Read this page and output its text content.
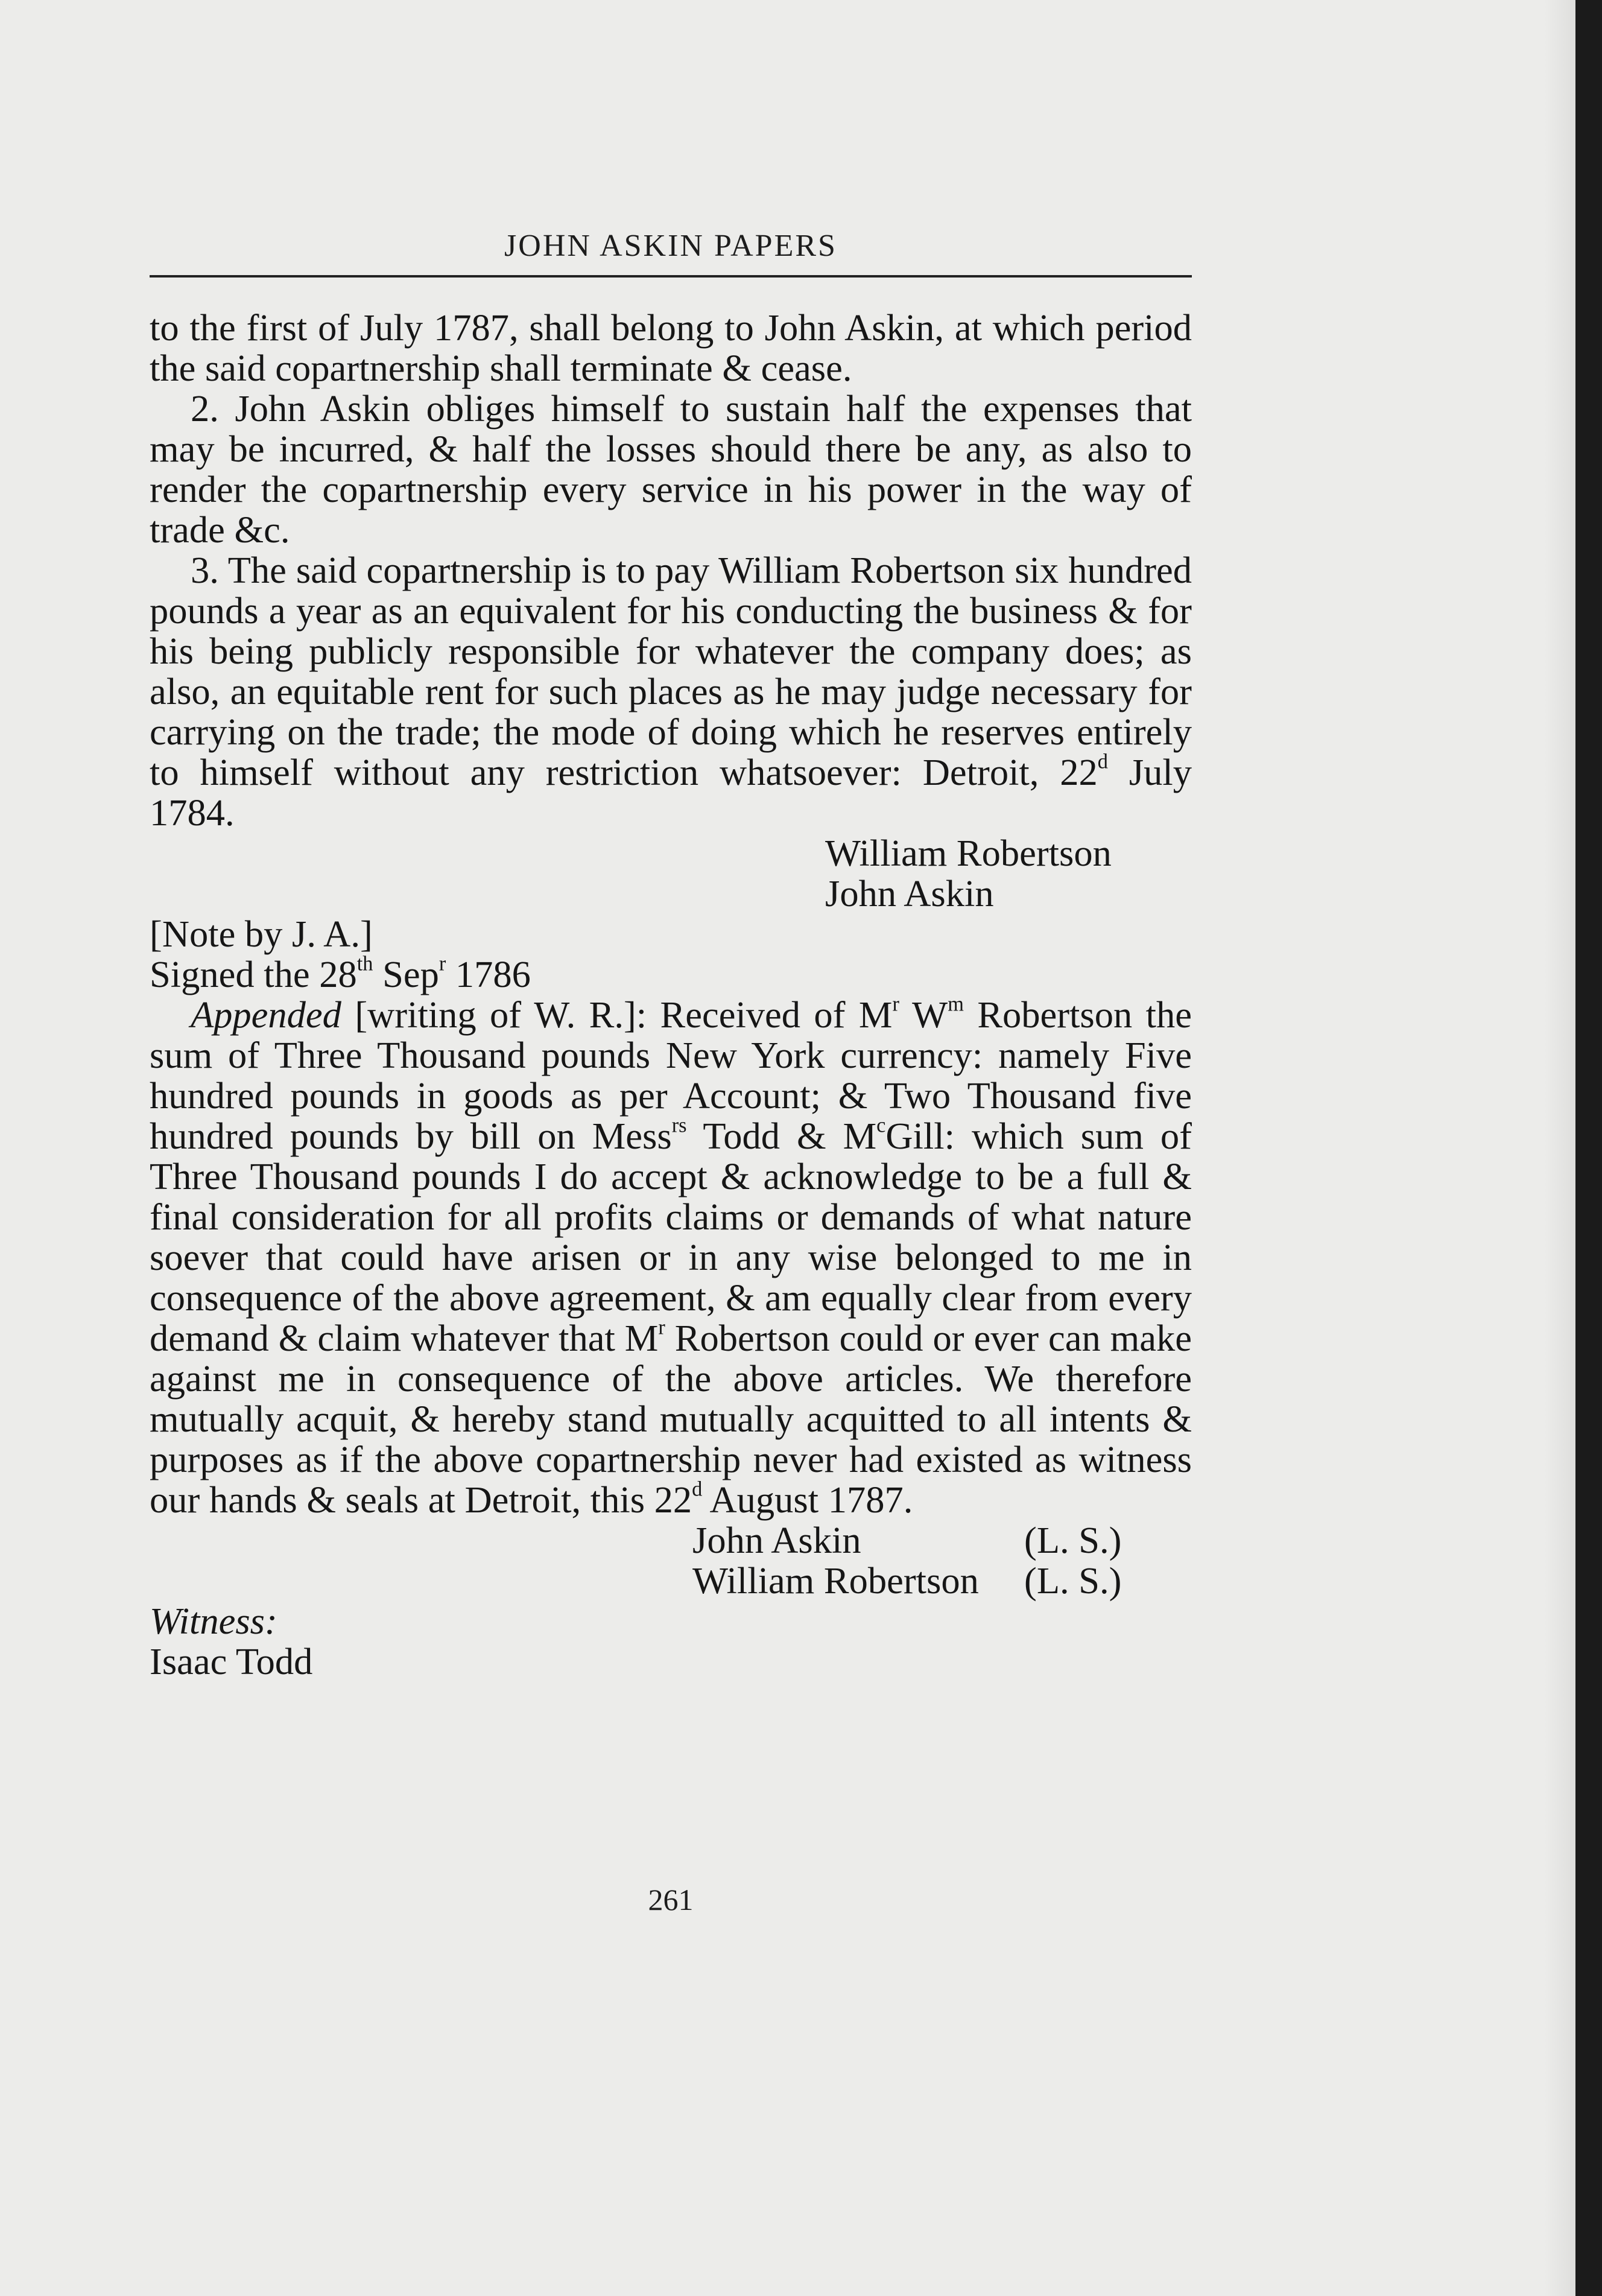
JOHN ASKIN PAPERS

to the first of July 1787, shall belong to John Askin, at which period the said copartnership shall terminate & cease.

2. John Askin obliges himself to sustain half the expenses that may be incurred, & half the losses should there be any, as also to render the copartnership every service in his power in the way of trade &c.

3. The said copartnership is to pay William Robertson six hundred pounds a year as an equivalent for his conducting the business & for his being publicly responsible for whatever the company does; as also, an equitable rent for such places as he may judge necessary for carrying on the trade; the mode of doing which he reserves entirely to himself without any restriction whatsoever: Detroit, 22$^d$ July 1784.

William Robertson
John Askin
[Note by J. A.]
Signed the 28th Sep$^r$ 1786

Appended [writing of W. R.]: Received of $M^r$ $W^m$ Robertson the sum of Three Thousand pounds New York currency: namely Five hundred pounds in goods as per Account; & Two Thousand five hundred pounds by bill on Mess$^{rs}$ Todd & $M^cGill$: which sum of Three Thousand pounds I do accept & acknowledge to be a full & final consideration for all profits claims or demands of what nature soever that could have arisen or in any wise belonged to me in consequence of the above agreement, & am equally clear from every demand & claim whatever that $M^r$ Robertson could or ever can make against me in consequence of the above articles. We therefore mutually acquit, & hereby stand mutually acquitted to all intents & purposes as if the above copartnership never had existed as witness our hands & seals at Detroit, this 22$^d$ August 1787.

John Askin	(L. S.)
William Robertson	(L. S.)
Witness:
Isaac Todd
261
